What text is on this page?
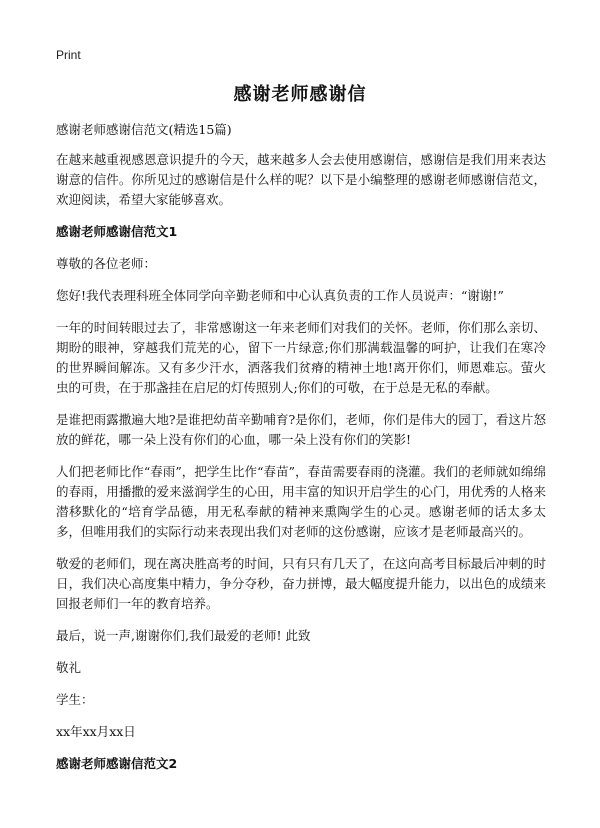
Print
感谢老师感谢信

感谢老师感谢信范文(精选15篇)

在越来越重视感恩意识提升的今天，越来越多人会去使用感谢信，感谢信是我们用来表达谢意的信件。你所见过的感谢信是什么样的呢？以下是小编整理的感谢老师感谢信范文，欢迎阅读，希望大家能够喜欢。

感谢老师感谢信范文1

尊敬的各位老师：

您好!我代表理科班全体同学向辛勤老师和中心认真负责的工作人员说声：“谢谢!”

一年的时间转眼过去了，非常感谢这一年来老师们对我们的关怀。老师，你们那么亲切、期盼的眼神，穿越我们荒芜的心，留下一片绿意;你们那满载温馨的呵护，让我们在寒冷的世界瞬间解冻。又有多少汗水，洒落我们贫瘠的精神土地!离开你们，师恩难忘。萤火虫的可贵，在于那盏挂在启尼的灯传照别人;你们的可敬，在于总是无私的奉献。

是谁把雨露撒遍大地?是谁把幼苗辛勤哺育?是你们，老师，你们是伟大的园丁，看这片怒放的鲜花，哪一朵上没有你们的心血，哪一朵上没有你们的笑影!

人们把老师比作“春雨”，把学生比作“春苗”，春苗需要春雨的浇灌。我们的老师就如绵绵的春雨，用播撒的爱来滋润学生的心田，用丰富的知识开启学生的心门，用优秀的人格来潜移默化的“培育学品德，用无私奉献的精神来熏陶学生的心灵。感谢老师的话太多太多，但唯用我们的实际行动来表现出我们对老师的这份感谢，应该才是老师最高兴的。

敬爱的老师们，现在离决胜高考的时间，只有只有几天了，在这向高考目标最后冲刺的时日，我们决心高度集中精力，争分夺秒，奋力拼博，最大幅度提升能力，以出色的成绩来回报老师们一年的教育培养。

最后，说一声,谢谢你们,我们最爱的老师! 此致

敬礼

学生：

xx年xx月xx日

感谢老师感谢信范文2
